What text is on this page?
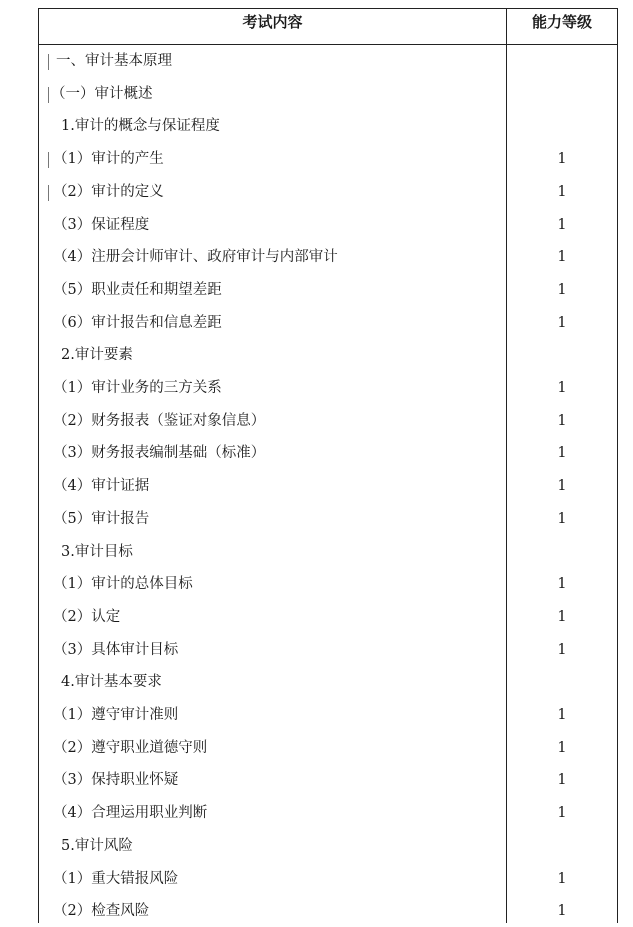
考试内容	能力等级
一、审计基本原理
（一）审计概述
1.审计的概念与保证程度
（1）审计的产生	1
（2）审计的定义	1
（3）保证程度	1
（4）注册会计师审计、政府审计与内部审计	1
（5）职业责任和期望差距	1
（6）审计报告和信息差距	1
2.审计要素
（1）审计业务的三方关系	1
（2）财务报表（鉴证对象信息）	1
（3）财务报表编制基础（标准）	1
（4）审计证据	1
（5）审计报告	1
3.审计目标
（1）审计的总体目标	1
（2）认定	1
（3）具体审计目标	1
4.审计基本要求
（1）遵守审计准则	1
（2）遵守职业道德守则	1
（3）保持职业怀疑	1
（4）合理运用职业判断	1
5.审计风险
（1）重大错报风险	1
（2）检查风险	1
